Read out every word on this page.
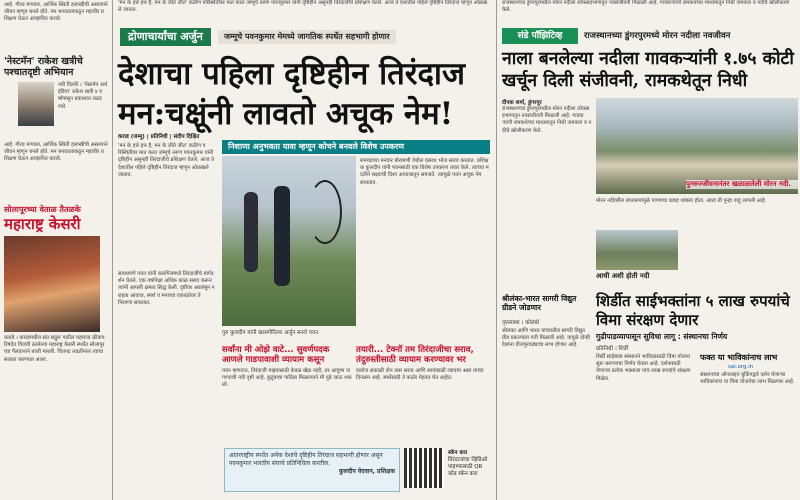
आहे. गौरव मण्याल, आर्थिक स्थिती हलाखीची असल्याने जीवन म्हणून बनले होते. मन बनवतताकठून महावीर प्रशिक्षण घेऊन आव्हानित करावे.
'नेस्टमॅन' राकेश खत्रीचे पश्चातदृष्टी अभियान
नवी दिल्ली । 'नेस्टमॅन अर्थ इंडिया' राकेश खत्री ४ वर्षांपासून प्रकाशात लढवणारे.
आहे. गौरव मण्याल, आर्थिक स्थिती हलाखीची असल्याने जीवन म्हणून बनले होते. मन बनवतताकठून महावीर प्रशिक्षण घेऊन आव्हानित करावे.
सोलापूरच्या वेताळ तैतळके
महाराष्ट्र केसरी
कराडे । कराडमधील संत सद्गुरू पाटील महाराज क्रीडापरिषदेत विजयी ठरलेल्या महाराष्ट्र केसरी स्पर्धेत सोलापूरच्या पैलवानाने बाजी मारली. चितपट लढतीनंतर त्याचा सत्कार करण्यात आला.
'मन के हारे हार है, मन के जीते जीत' कठीण परिस्थितीवर मात करत जम्मूचे तरुण पवनकुमार यांनी दृष्टिहीन असूनही तिरंदाजीचे प्रशिक्षण घेतले. आज ते देशातील पहिले दृष्टिहीन तिरंदाज म्हणून ओळखले जातात.
द्रोणाचार्यांचा अर्जुन	जम्मूचे पवनकुमार मेमध्ये जागतिक स्पर्धेत सहभागी होणार
देशाचा पहिला दृष्टिहीन तिरंदाज
मन:चक्षूंनी लावतो अचूक नेम!
कराड (जम्मू) | प्रतिनिधी | संदीप दिक्षित
'मन के हारे हार है, मन के जीते जीत' कठीण परिस्थितीवर मात करत जम्मूचे तरुण पवनकुमार यांनी दृष्टिहीन असूनही तिरंदाजीचे प्रशिक्षण घेतले. आज ते देशातील पहिले दृष्टिहीन तिरंदाज म्हणून ओळखले जातात.
सावधपणे पवन यांनी कारगिलमध्ये तिरंदाजीचे मार्गदर्शन घेतले. एक वर्षापेक्षा अधिक काळ सराव करून त्यांनी आपली क्षमता सिद्ध केली. दृष्टीवर अवलंबून न राहता आवाज, स्पर्श व मनाच्या एकाग्रतेवर ते निशाणा साधतात.
निशाणा अनुभवता यावा म्हणून कोचने बनवले विशेष उपकरण
गुरु कुलदीप यांनी खासगीरित्या अर्जुन बनले पवन.
रामगढच्या मनवार बोरामणी येथील दसरथ भोज सराव करतात. प्रशिक्षक कुलदीप यांनी पवनसाठी एक विशेष उपकरण तयार केले. त्याच्या मदतीने लक्ष्याची दिशा आवाजातून समजते. त्यामुळे पवन अचूक नेम साधतात.
सर्वांना मी ओझे वाटे... सुवर्णपदक
आणले गाडपावाशी व्यायाम कसून
तयारी... टेक्नॉ तम तिरंदाजीचा सराव,
तंदुरुस्तीसाठी व्यायाम करण्यावर भर
पवन म्हणतात, तिरंदाजी माझ्यासाठी केवळ खेळ नाही, तर आयुष्य जगण्याची नवी दृष्टी आहे. कुटुंबाचा पाठिंबा मिळाल्याने मी पुढे जाऊ शकलो.
दररोज सकाळी दोन तास सराव आणि सायंकाळी व्यायाम असा त्यांचा दिनक्रम आहे. स्पर्धेसाठी ते कठोर मेहनत घेत आहेत.
आंतरराष्ट्रीय स्पर्धेत अनेक देशांचे दृष्टिहीन तिरंदाज सहभागी होणार असून पवनकुमार भारतीय संघाचे प्रतिनिधित्व करतील.
कुलदीप वेदवान, प्रशिक्षक
स्कॅन करा
तिरंदाजांचा व्हिडिओ पाहण्यासाठी QR कोड स्कॅन करा
राजस्थानच्या डुंगरपुरमधील मोरन नदीला लोकसहभागातून नवसंजीवनी मिळाली आहे. गावकऱ्यांनी रामकथेच्या माध्यमातून निधी जमवला व नदीचे खोलीकरण केले.
संडे पॉझिटिव्ह	राजस्थानच्या डुंगरपुरमध्ये मोरन नदीला नवजीवन
नाला बनलेल्या नदीला गावकऱ्यांनी १.७५ कोटी खर्चून दिली संजीवनी, रामकथेतून निधी
दीपक शर्मा, डुंगरपूर
राजस्थानच्या डुंगरपुरमधील मोरन नदीला लोकसहभागातून नवसंजीवनी मिळाली आहे. गावकऱ्यांनी रामकथेच्या माध्यमातून निधी जमवला व नदीचे खोलीकरण केले.
पुनरुज्जीवनानंतर खळाळलेली मोरन नदी.
मोरन नदीवरील बांधकामांमुळे पाण्याचा प्रवाह थांबला होता. आता ती पुन्हा वाहू लागली आहे.
आधी अशी होती नदी
श्रीलंका-भारत सागरी विद्युत ग्रीडने जोडणार
वृत्तसंस्था । कोलंबो
श्रीलंका आणि भारत यांच्यातील सागरी विद्युत ग्रीड प्रकल्पाला गती मिळाली आहे. यामुळे दोन्ही देशांना वीजपुरवठ्याचा लाभ होणार आहे.
शिर्डीत साईभक्तांना ५ लाख रुपयांचे विमा संरक्षण देणार
गुढीपाडव्यापासून सुविधा लागू : संस्थानचा निर्णय
प्रतिनिधी । शिर्डी
शिर्डी साईबाबा संस्थानने भाविकांसाठी विमा योजना सुरू करण्याचा निर्णय घेतला आहे. दर्शनासाठी येणाऱ्या प्रत्येक भक्ताला पाच लाख रुपयांचे संरक्षण मिळेल.
फक्त या भाविकांनाच लाभ
sai.org.in
संस्थानच्या ऑनलाइन बुकिंगद्वारे दर्शन घेणाऱ्या भाविकांनाच या विमा योजनेचा लाभ मिळणार आहे.
